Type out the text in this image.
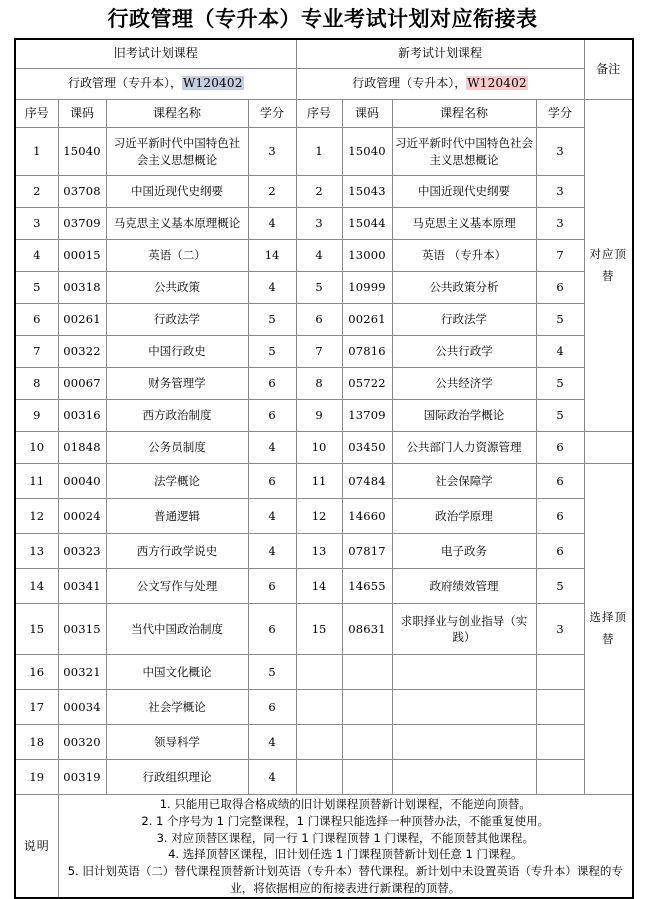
行政管理（专升本）专业考试计划对应衔接表
旧考试计划课程				新考试计划课程				备注
行政管理（专升本），W120402				行政管理（专升本），W120402				
序号	课码	课程名称	学分	序号	课码	课程名称	学分	对应顶替
1	15040	习近平新时代中国特色社会主义思想概论	3	1	15040	习近平新时代中国特色社会主义思想概论	3	
2	03708	中国近现代史纲要	2	2	15043	中国近现代史纲要	3	
3	03709	马克思主义基本原理概论	4	3	15044	马克思主义基本原理	3	
4	00015	英语（二）	14	4	13000	英语 （专升本）	7	
5	00318	公共政策	4	5	10999	公共政策分析	6	
6	00261	行政法学	5	6	00261	行政法学	5	
7	00322	中国行政史	5	7	07816	公共行政学	4	
8	00067	财务管理学	6	8	05722	公共经济学	5	
9	00316	西方政治制度	6	9	13709	国际政治学概论	5	
10	01848	公务员制度	4	10	03450	公共部门人力资源管理	6	
11	00040	法学概论	6	11	07484	社会保障学	6	选择顶替
12	00024	普通逻辑	4	12	14660	政治学原理	6	
13	00323	西方行政学说史	4	13	07817	电子政务	6	
14	00341	公文写作与处理	6	14	14655	政府绩效管理	5	
15	00315	当代中国政治制度	6	15	08631	求职择业与创业指导（实践）	3	
16	00321	中国文化概论	5					
17	00034	社会学概论	6					
18	00320	领导科学	4					
19	00319	行政组织理论	4					
说明	1. 只能用已取得合格成绩的旧计划课程顶替新计划课程，不能逆向顶替。

2. 1 个序号为 1 门完整课程，1 门课程只能选择一种顶替办法，不能重复使用。

3. 对应顶替区课程，同一行 1 门课程顶替 1 门课程，不能顶替其他课程。

4. 选择顶替区课程，旧计划任选 1 门课程顶替新计划任意 1 门课程。

5. 旧计划英语（二）替代课程顶替新计划英语（专升本）替代课程。新计划中未设置英语（专升本）课程的专业，将依据相应的衔接表进行新课程的顶替。							
